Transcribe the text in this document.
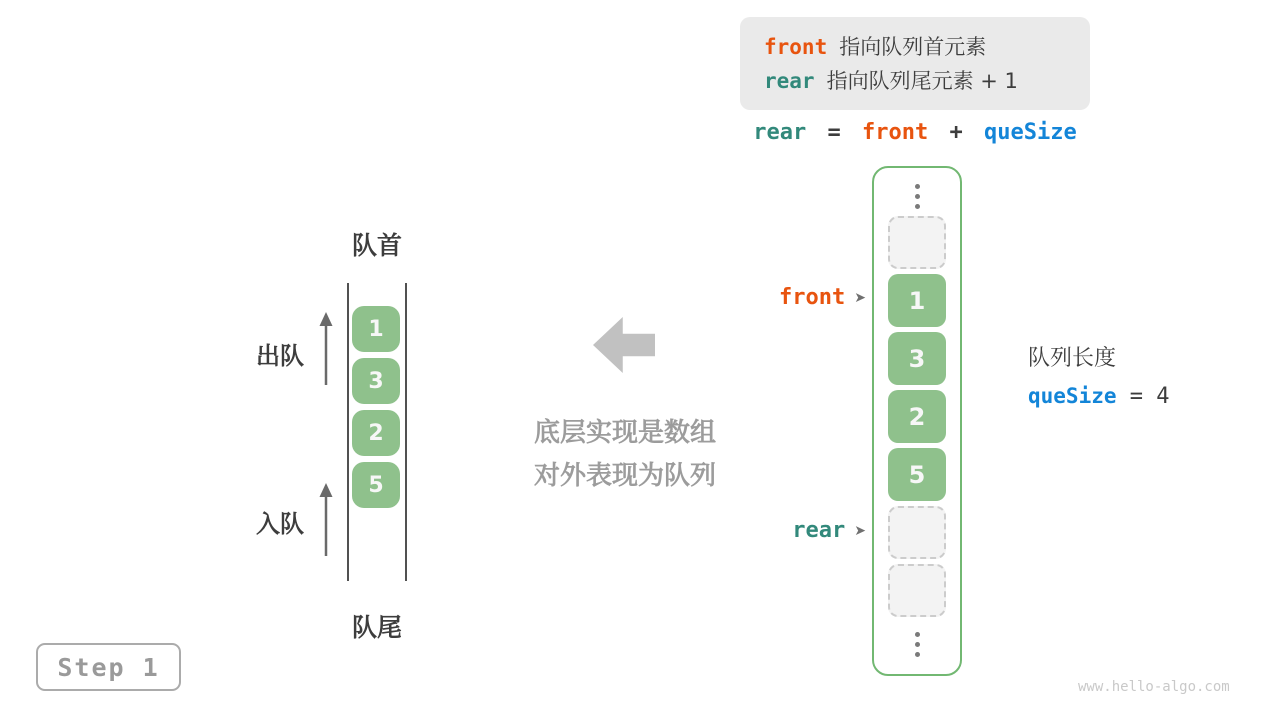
front 指向队列首元素
rear 指向队列尾元素 + 1
rear = front + queSize
1
3
2
5
front ➤
rear ➤
队列长度
queSize = 4
队首
队尾
1
3
2
5
出队
入队
底层实现是数组
对外表现为队列
Step 1
www.hello-algo.com
